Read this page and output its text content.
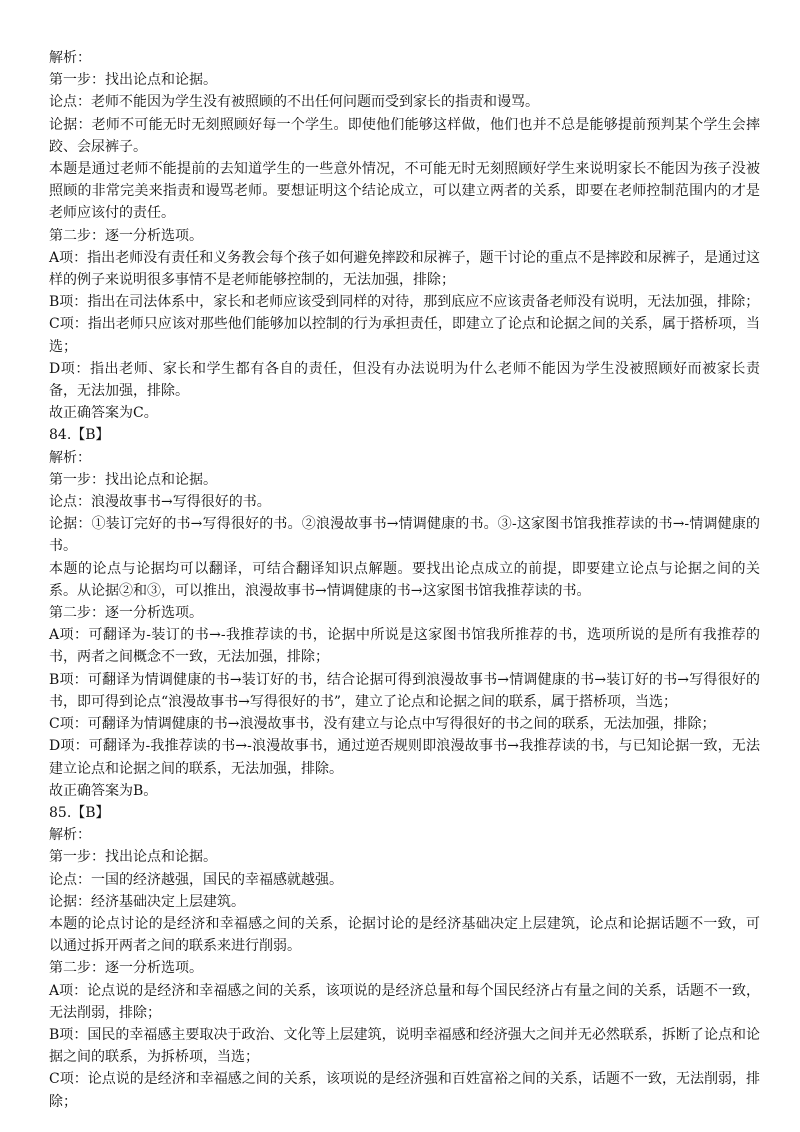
解析：

第一步：找出论点和论据。

论点：老师不能因为学生没有被照顾的不出任何问题而受到家长的指责和谩骂。

论据：老师不可能无时无刻照顾好每一个学生。即使他们能够这样做，他们也并不总是能够提前预判某个学生会摔跤、会尿裤子。

本题是通过老师不能提前的去知道学生的一些意外情况，不可能无时无刻照顾好学生来说明家长不能因为孩子没被照顾的非常完美来指责和谩骂老师。要想证明这个结论成立，可以建立两者的关系，即要在老师控制范围内的才是老师应该付的责任。

第二步：逐一分析选项。

A项：指出老师没有责任和义务教会每个孩子如何避免摔跤和尿裤子，题干讨论的重点不是摔跤和尿裤子，是通过这样的例子来说明很多事情不是老师能够控制的，无法加强，排除；

B项：指出在司法体系中，家长和老师应该受到同样的对待，那到底应不应该责备老师没有说明，无法加强，排除；

C项：指出老师只应该对那些他们能够加以控制的行为承担责任，即建立了论点和论据之间的关系，属于搭桥项，当选；

D项：指出老师、家长和学生都有各自的责任，但没有办法说明为什么老师不能因为学生没被照顾好而被家长责备，无法加强，排除。

故正确答案为C。

84.【B】

解析：

第一步：找出论点和论据。

论点：浪漫故事书→写得很好的书。

论据：①装订完好的书→写得很好的书。②浪漫故事书→情调健康的书。③-这家图书馆我推荐读的书→-情调健康的书。

本题的论点与论据均可以翻译，可结合翻译知识点解题。要找出论点成立的前提，即要建立论点与论据之间的关系。从论据②和③，可以推出，浪漫故事书→情调健康的书→这家图书馆我推荐读的书。

第二步：逐一分析选项。

A项：可翻译为-装订的书→-我推荐读的书，论据中所说是这家图书馆我所推荐的书，选项所说的是所有我推荐的书，两者之间概念不一致，无法加强，排除；

B项：可翻译为情调健康的书→装订好的书，结合论据可得到浪漫故事书→情调健康的书→装订好的书→写得很好的书，即可得到论点“浪漫故事书→写得很好的书”，建立了论点和论据之间的联系，属于搭桥项，当选；

C项：可翻译为情调健康的书→浪漫故事书，没有建立与论点中写得很好的书之间的联系，无法加强，排除；

D项：可翻译为-我推荐读的书→-浪漫故事书，通过逆否规则即浪漫故事书→我推荐读的书，与已知论据一致，无法建立论点和论据之间的联系，无法加强，排除。

故正确答案为B。

85.【B】

解析：

第一步：找出论点和论据。

论点：一国的经济越强，国民的幸福感就越强。

论据：经济基础决定上层建筑。

本题的论点讨论的是经济和幸福感之间的关系，论据讨论的是经济基础决定上层建筑，论点和论据话题不一致，可以通过拆开两者之间的联系来进行削弱。

第二步：逐一分析选项。

A项：论点说的是经济和幸福感之间的关系，该项说的是经济总量和每个国民经济占有量之间的关系，话题不一致，无法削弱，排除；

B项：国民的幸福感主要取决于政治、文化等上层建筑，说明幸福感和经济强大之间并无必然联系，拆断了论点和论据之间的联系，为拆桥项，当选；

C项：论点说的是经济和幸福感之间的关系，该项说的是经济强和百姓富裕之间的关系，话题不一致，无法削弱，排除；
